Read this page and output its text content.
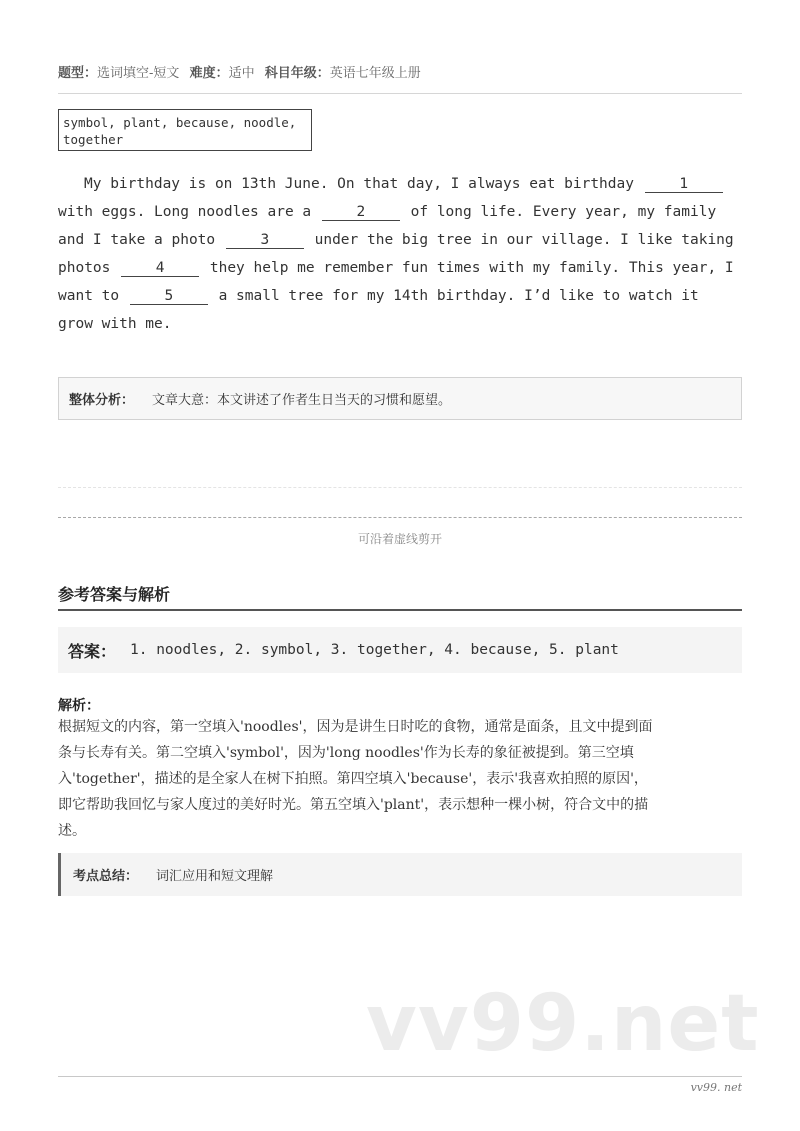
题型：选词填空-短文 难度：适中 科目年级：英语七年级上册
symbol, plant, because, noodle,
together
My birthday is on 13th June. On that day, I always eat birthday	1
with eggs. Long noodles are a	2	of long life. Every year, my family
and I take a photo	3	under the big tree in our village. I like taking
photos	4	they help me remember fun times with my family. This year, I
want to	5	a small tree for my 14th birthday. I’d like to watch it
grow with me.
整体分析： 文章大意：本文讲述了作者生日当天的习惯和愿望。
可沿着虚线剪开
参考答案与解析
答案： 1. noodles, 2. symbol, 3. together, 4. because, 5. plant
解析：
根据短文的内容，第一空填入'noodles'，因为是讲生日时吃的食物，通常是面条，且文中提到面
条与长寿有关。第二空填入'symbol'，因为'long noodles'作为长寿的象征被提到。第三空填
入'together'，描述的是全家人在树下拍照。第四空填入'because'，表示'我喜欢拍照的原因'，
即它帮助我回忆与家人度过的美好时光。第五空填入'plant'，表示想种一棵小树，符合文中的描
述。
考点总结： 词汇应用和短文理解
vv99.net
vv99. net
